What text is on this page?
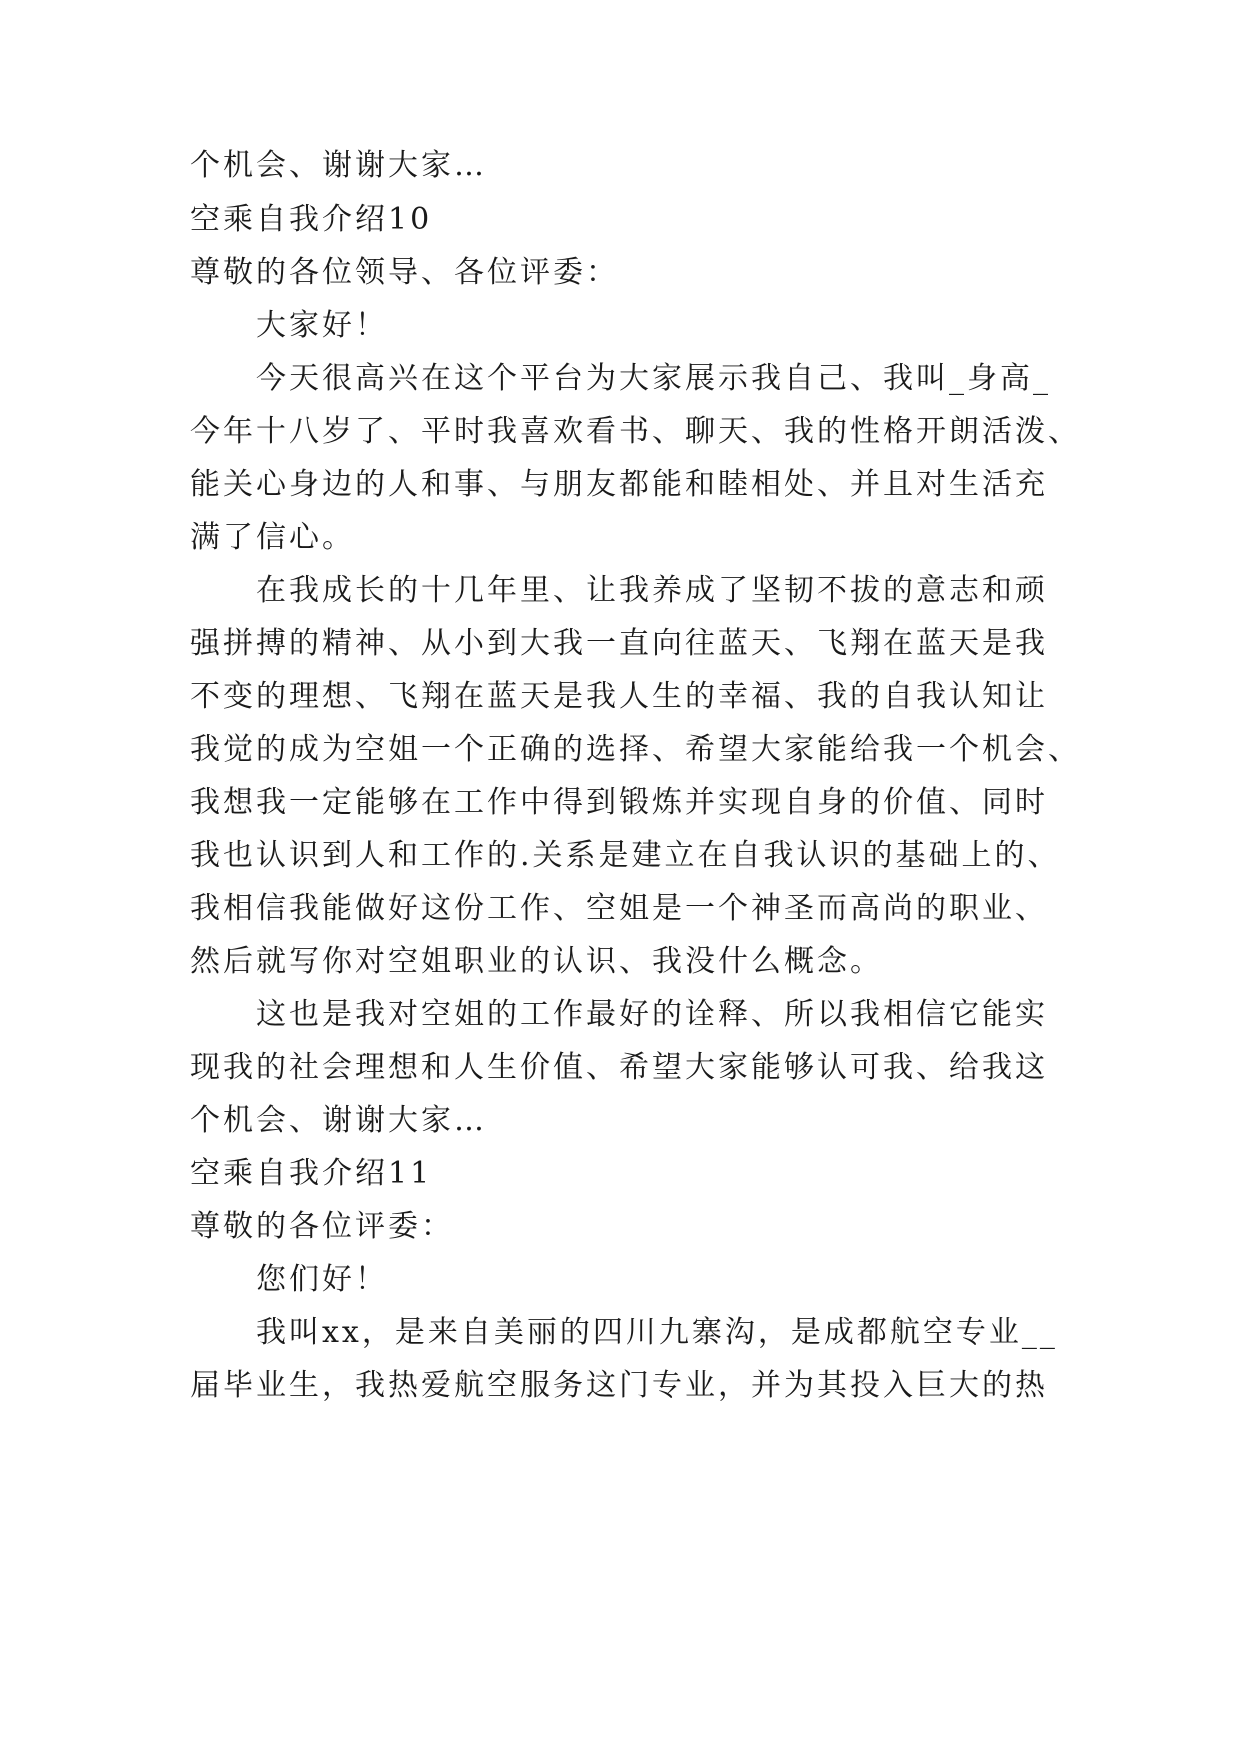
个机会、谢谢大家…
空乘自我介绍10
尊敬的各位领导、各位评委：
大家好！
今天很高兴在这个平台为大家展示我自己、我叫_身高_
今年十八岁了、平时我喜欢看书、聊天、我的性格开朗活泼、
能关心身边的人和事、与朋友都能和睦相处、并且对生活充
满了信心。
在我成长的十几年里、让我养成了坚韧不拔的意志和顽
强拼搏的精神、从小到大我一直向往蓝天、飞翔在蓝天是我
不变的理想、飞翔在蓝天是我人生的幸福、我的自我认知让
我觉的成为空姐一个正确的选择、希望大家能给我一个机会、
我想我一定能够在工作中得到锻炼并实现自身的价值、同时
我也认识到人和工作的.关系是建立在自我认识的基础上的、
我相信我能做好这份工作、空姐是一个神圣而高尚的职业、
然后就写你对空姐职业的认识、我没什么概念。
这也是我对空姐的工作最好的诠释、所以我相信它能实
现我的社会理想和人生价值、希望大家能够认可我、给我这
个机会、谢谢大家…
空乘自我介绍11
尊敬的各位评委：
您们好！
我叫xx，是来自美丽的四川九寨沟，是成都航空专业__
届毕业生，我热爱航空服务这门专业，并为其投入巨大的热
